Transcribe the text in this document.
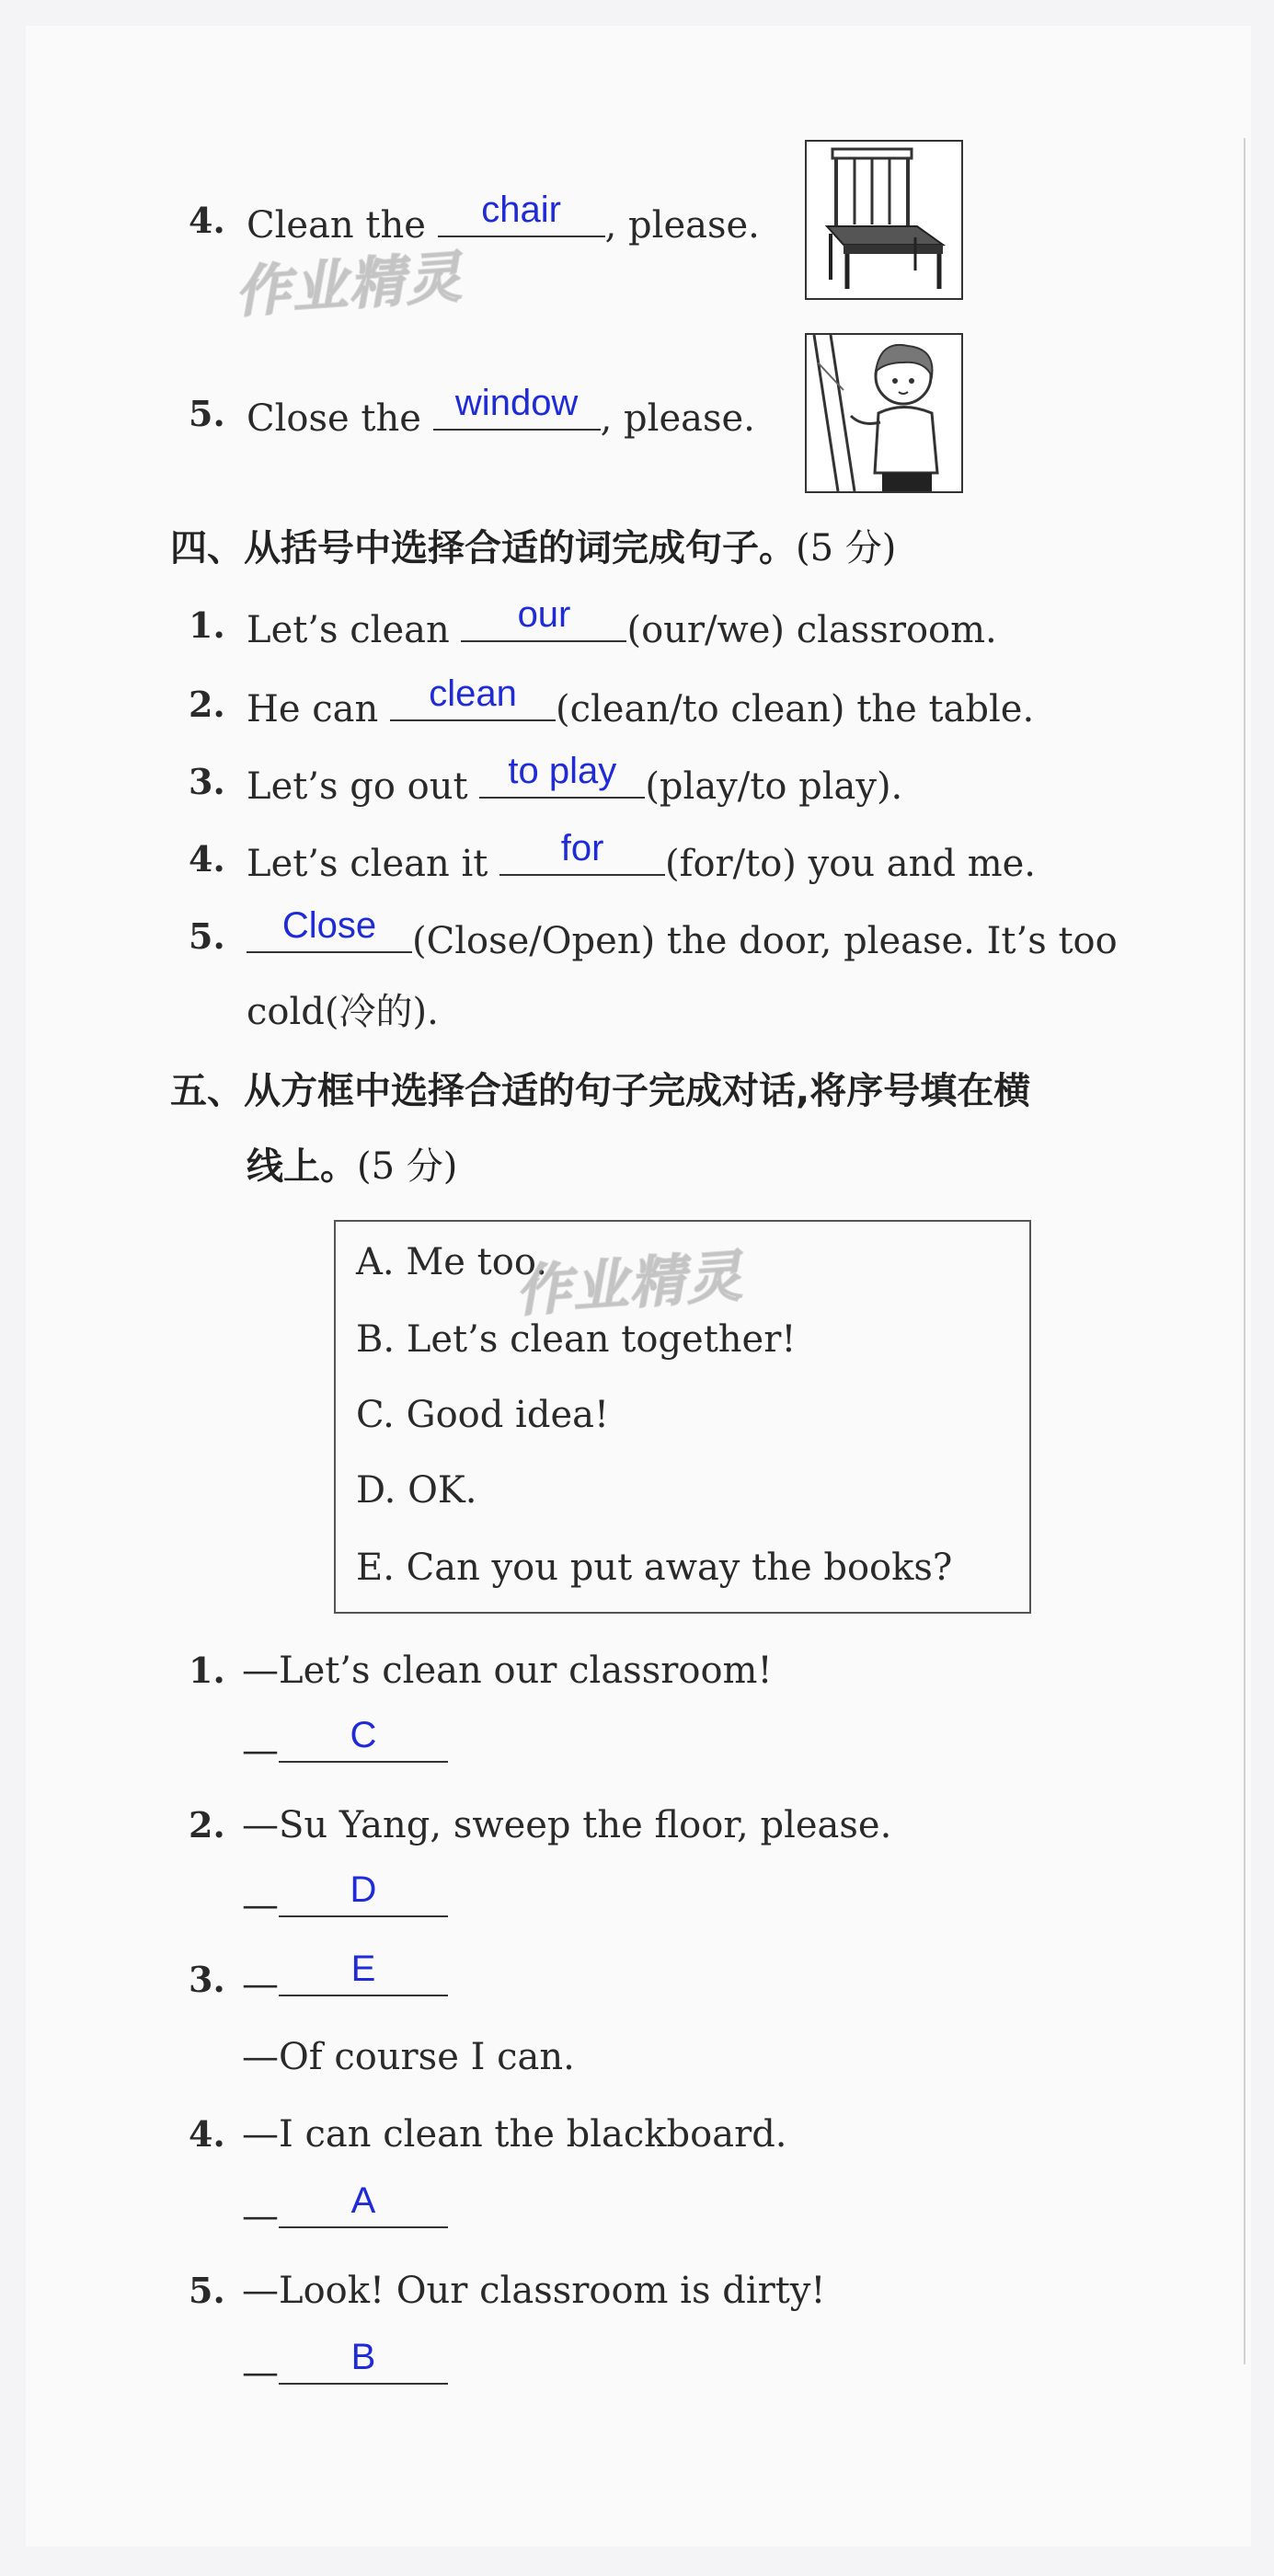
4. Clean the	chair	, please.
作业精灵
5. Close the window , please.
四、从括号中选择合适的词完成句子。(5 分)
1. Let’s clean	our	(our/we) classroom.
2. He can	clean	(clean/to clean) the table.
3. Let’s go out	to play (play/to play).
4. Let’s clean it	for	(for/to) you and me.
5.	Close (Close/Open) the door, please. It’s too
cold(冷的).
五、从方框中选择合适的句子完成对话,将序号填在横
线上。(5 分)
A. Me too.
B. Let’s clean together!
C. Good idea!
D. OK.
E. Can you put away the books?
作业精灵
1. —Let’s clean our classroom!
—	C
2. —Su Yang, sweep the floor, please.
—	D
3. —	E
—Of course I can.
4. —I can clean the blackboard.
—	A
5. —Look! Our classroom is dirty!
—	B
